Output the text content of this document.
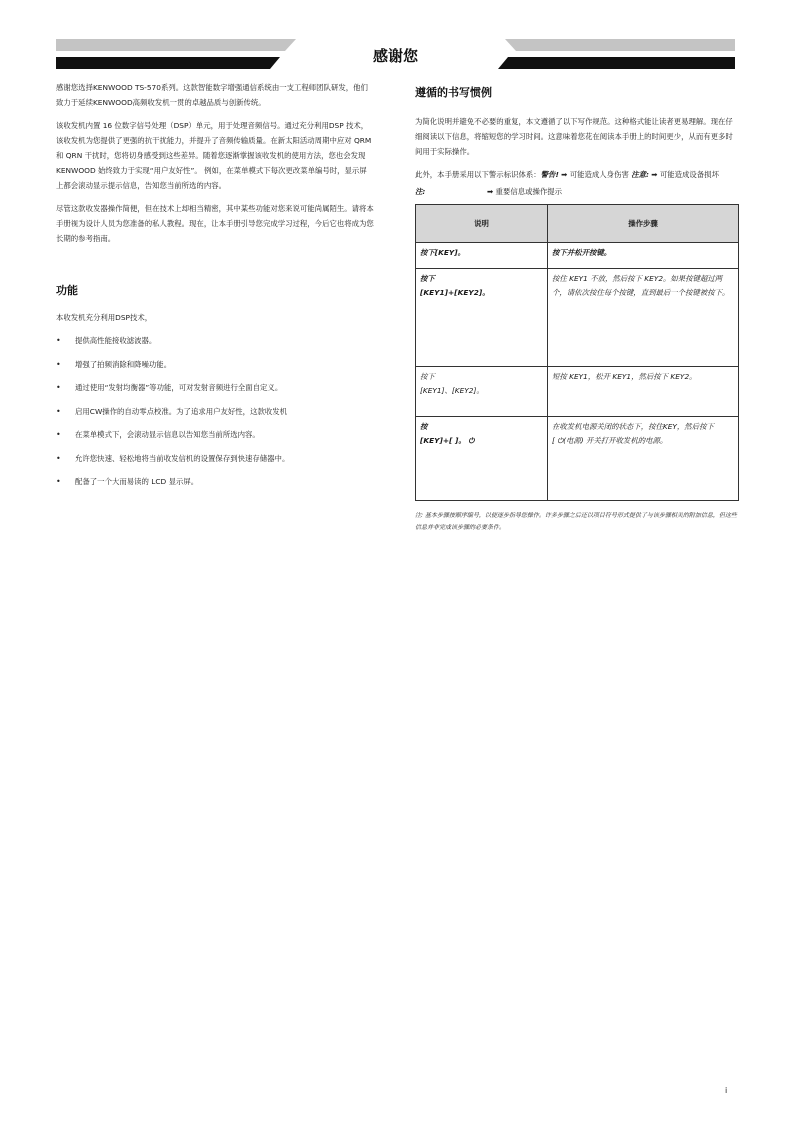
感谢您

感谢您选择KENWOOD TS-570系列。这款智能数字增强通信系统由一支工程师团队研发，他们致力于延续KENWOOD高频收发机一贯的卓越品质与创新传统。

该收发机内置 16 位数字信号处理（DSP）单元，用于处理音频信号。通过充分利用DSP 技术，该收发机为您提供了更强的抗干扰能力，并提升了音频传输质量。在新太阳活动周期中应对 QRM 和 QRN 干扰时，您将切身感受到这些差异。随着您逐渐掌握该收发机的使用方法，您也会发现 KENWOOD 始终致力于实现“用户友好性”。 例如，在菜单模式下每次更改菜单编号时，显示屏上都会滚动显示提示信息，告知您当前所选的内容。

尽管这款收发器操作简便，但在技术上却相当精密，其中某些功能对您来说可能尚属陌生。请将本手册视为设计人员为您准备的私人教程。现在，让本手册引导您完成学习过程，今后它也将成为您长期的参考指南。

功能

本收发机充分利用DSP技术，

• 提供高性能接收滤波器。
• 增强了拍频消除和降噪功能。
• 通过使用“发射均衡器”等功能，可对发射音频进行全面自定义。
• 启用CW操作的自动零点校准。为了追求用户友好性，这款收发机
• 在菜单模式下，会滚动显示信息以告知您当前所选内容。
• 允许您快速、轻松地将当前收发信机的设置保存到快速存储器中。
• 配备了一个大而易读的 LCD 显示屏。
遵循的书写惯例

为简化说明并避免不必要的重复，本文遵循了以下写作规范。这种格式能让读者更易理解。现在仔细阅读以下信息，将缩短您的学习时间。这意味着您花在阅读本手册上的时间更少，从而有更多时间用于实际操作。

此外，本手册采用以下警示标识体系：警告! ➡ 可能造成人身伤害 注意: ➡ 可能造成设备损坏

注:	➡ 重要信息或操作提示
说明	操作步骤
按下[KEY]。	按下并松开按键。
按下
[KEY1]+[KEY2]。	按住 KEY1 不放，然后按下 KEY2。如果按键超过两个，请依次按住每个按键，直到最后一个按键被按下。
按下
[KEY1]、[KEY2]。	短按 KEY1，松开 KEY1，然后按下 KEY2。
按
[KEY]+[ ]。 ⏻	在收发机电源关闭的状态下，按住KEY，然后按下
[ ⏻(电源) 开关打开收发机的电源。

注: 基本步骤按顺序编号，以便逐步指导您操作。许多步骤之后还以项目符号形式提供了与该步骤相关的附加信息，但这些信息并非完成该步骤的必要条件。

i
